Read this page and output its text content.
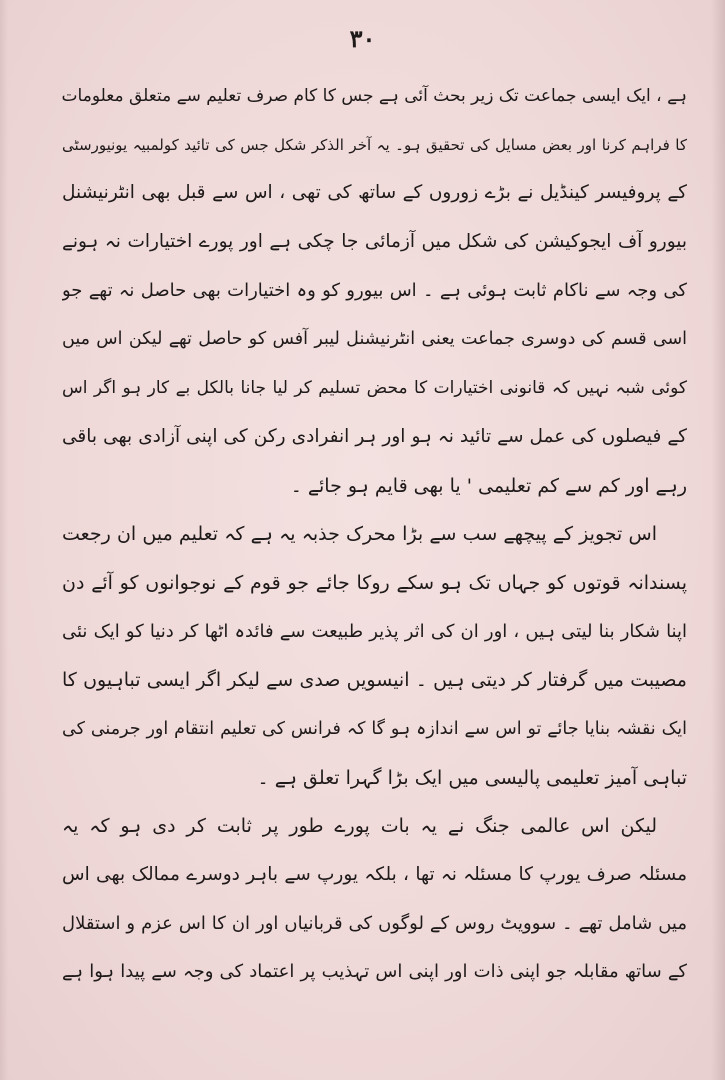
۳۰
ہے ، ایک ایسی جماعت تک زیر بحث آئی ہے جس کا کام صرف تعلیم سے متعلق معلومات
کا فراہم کرنا اور بعض مسایل کی تحقیق ہو۔ یہ آخر الذکر شکل جس کی تائید کولمبیہ یونیورسٹی
کے پروفیسر کینڈیل نے بڑے زوروں کے ساتھ کی تھی ، اس سے قبل بھی انٹرنیشنل
بیورو آف ایجوکیشن کی شکل میں آزمائی جا چکی ہے اور پورے اختیارات نہ ہونے
کی وجہ سے ناکام ثابت ہوئی ہے ۔ اس بیورو کو وہ اختیارات بھی حاصل نہ تھے جو
اسی قسم کی دوسری جماعت یعنی انٹرنیشنل لیبر آفس کو حاصل تھے لیکن اس میں
کوئی شبہ نہیں کہ قانونی اختیارات کا محض تسلیم کر لیا جانا بالکل بے کار ہو اگر اس
کے فیصلوں کی عمل سے تائید نہ ہو اور ہر انفرادی رکن کی اپنی آزادی بھی باقی
رہے اور کم سے کم تعلیمی ' یا بھی قایم ہو جائے ۔
اس تجویز کے پیچھے سب سے بڑا محرک جذبہ یہ ہے کہ تعلیم میں ان رجعت
پسندانہ قوتوں کو جہاں تک ہو سکے روکا جائے جو قوم کے نوجوانوں کو آئے دن
اپنا شکار بنا لیتی ہیں ، اور ان کی اثر پذیر طبیعت سے فائدہ اٹھا کر دنیا کو ایک نئی
مصیبت میں گرفتار کر دیتی ہیں ۔ انیسویں صدی سے لیکر اگر ایسی تباہیوں کا
ایک نقشہ بنایا جائے تو اس سے اندازہ ہو گا کہ فرانس کی تعلیم انتقام اور جرمنی کی
تباہی آمیز تعلیمی پالیسی میں ایک بڑا گہرا تعلق ہے ۔
لیکن اس عالمی جنگ نے یہ بات پورے طور پر ثابت کر دی ہو کہ یہ
مسئلہ صرف یورپ کا مسئلہ نہ تھا ، بلکہ یورپ سے باہر دوسرے ممالک بھی اس
میں شامل تھے ۔ سوویٹ روس کے لوگوں کی قربانیاں اور ان کا اس عزم و استقلال
کے ساتھ مقابلہ جو اپنی ذات اور اپنی اس تہذیب پر اعتماد کی وجہ سے پیدا ہوا ہے
